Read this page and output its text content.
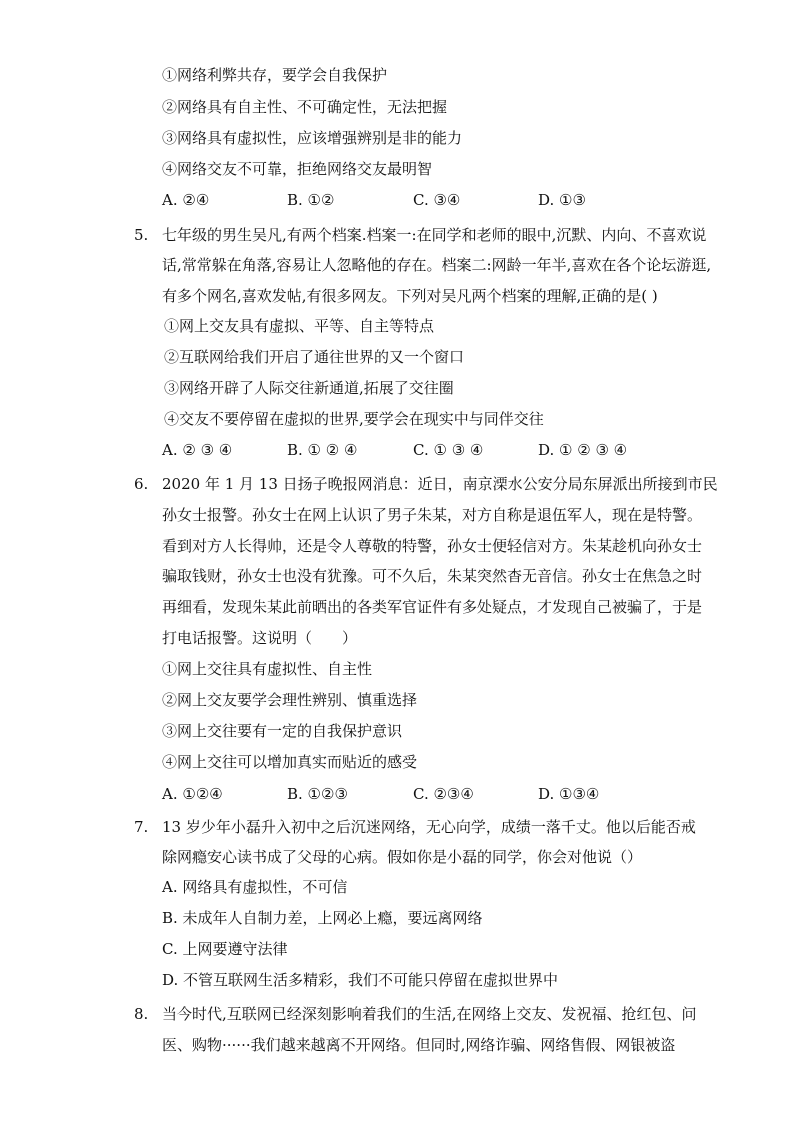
①网络利弊共存，要学会自我保护
②网络具有自主性、不可确定性，无法把握
③网络具有虚拟性，应该增强辨别是非的能力
④网络交友不可靠，拒绝网络交友最明智
A. ②④	B. ①②	C. ③④	D. ①③
5. 七年级的男生吴凡,有两个档案.档案一:在同学和老师的眼中,沉默、内向、不喜欢说
话,常常躲在角落,容易让人忽略他的存在。档案二:网龄一年半,喜欢在各个论坛游逛,
有多个网名,喜欢发帖,有很多网友。下列对吴凡两个档案的理解,正确的是( )
①网上交友具有虚拟、平等、自主等特点
②互联网给我们开启了通往世界的又一个窗口
③网络开辟了人际交往新通道,拓展了交往圈
④交友不要停留在虚拟的世界,要学会在现实中与同伴交往
A. ② ③ ④	B. ① ② ④	C. ① ③ ④	D. ① ② ③ ④
6. 2020 年 1 月 13 日扬子晚报网消息：近日，南京溧水公安分局东屏派出所接到市民
孙女士报警。孙女士在网上认识了男子朱某，对方自称是退伍军人，现在是特警。
看到对方人长得帅，还是令人尊敬的特警，孙女士便轻信对方。朱某趁机向孙女士
骗取钱财，孙女士也没有犹豫。可不久后，朱某突然杳无音信。孙女士在焦急之时
再细看，发现朱某此前晒出的各类军官证件有多处疑点，才发现自己被骗了，于是
打电话报警。这说明（　　）
①网上交往具有虚拟性、自主性
②网上交友要学会理性辨别、慎重选择
③网上交往要有一定的自我保护意识
④网上交往可以增加真实而贴近的感受
A. ①②④	B. ①②③	C. ②③④	D. ①③④
7. 13 岁少年小磊升入初中之后沉迷网络，无心向学，成绩一落千丈。他以后能否戒
除网瘾安心读书成了父母的心病。假如你是小磊的同学，你会对他说（）
A. 网络具有虚拟性，不可信
B. 未成年人自制力差，上网必上瘾，要远离网络
C. 上网要遵守法律
D. 不管互联网生活多精彩，我们不可能只停留在虚拟世界中
8. 当今时代,互联网已经深刻影响着我们的生活,在网络上交友、发祝福、抢红包、问
医、购物······我们越来越离不开网络。但同时,网络诈骗、网络售假、网银被盗
